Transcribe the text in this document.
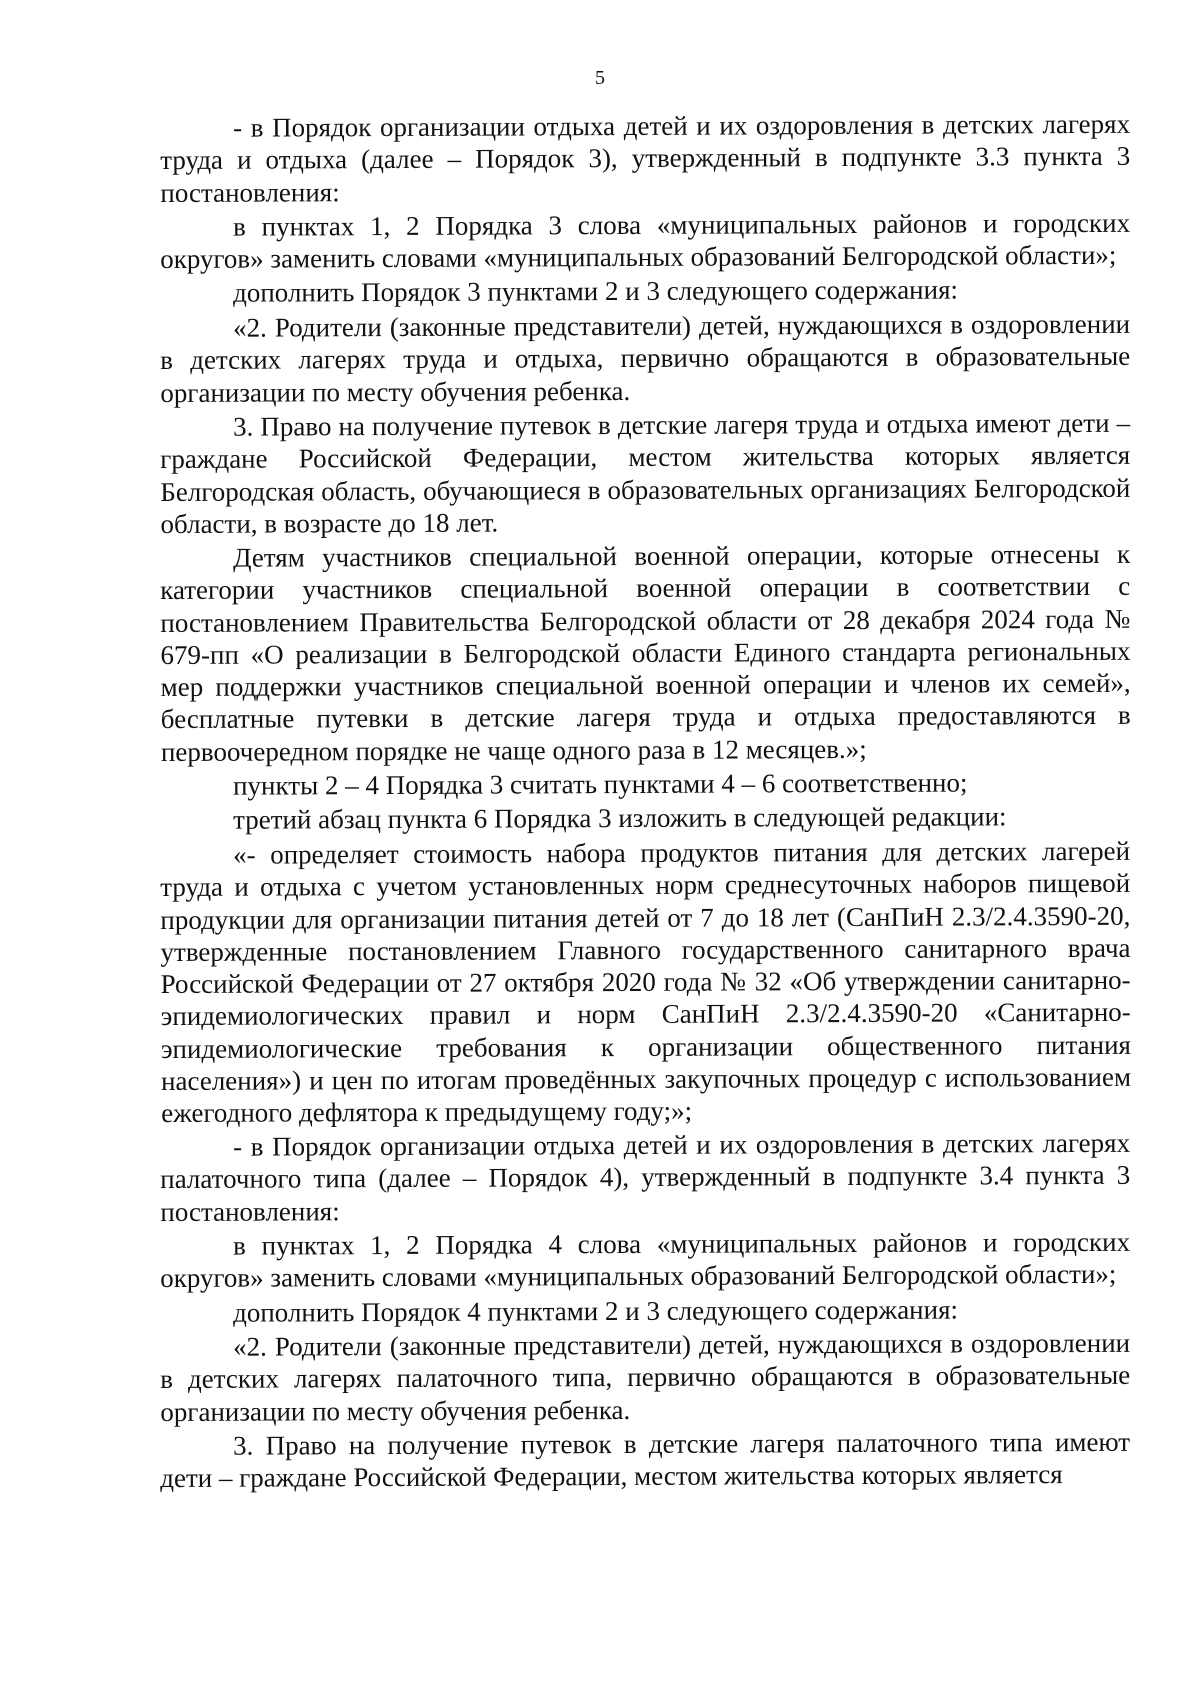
5

- в Порядок организации отдыха детей и их оздоровления в детских лагерях труда и отдыха (далее – Порядок 3), утвержденный в подпункте 3.3 пункта 3 постановления:

в пунктах 1, 2 Порядка 3 слова «муниципальных районов и городских округов» заменить словами «муниципальных образований Белгородской области»;

дополнить Порядок 3 пунктами 2 и 3 следующего содержания:

«2. Родители (законные представители) детей, нуждающихся в оздоровлении в детских лагерях труда и отдыха, первично обращаются в образовательные организации по месту обучения ребенка.

3. Право на получение путевок в детские лагеря труда и отдыха имеют дети – граждане Российской Федерации, местом жительства которых является Белгородская область, обучающиеся в образовательных организациях Белгородской области, в возрасте до 18 лет.

Детям участников специальной военной операции, которые отнесены к категории участников специальной военной операции в соответствии с постановлением Правительства Белгородской области от 28 декабря 2024 года № 679-пп «О реализации в Белгородской области Единого стандарта региональных мер поддержки участников специальной военной операции и членов их семей», бесплатные путевки в детские лагеря труда и отдыха предоставляются в первоочередном порядке не чаще одного раза в 12 месяцев.»;

пункты 2 – 4 Порядка 3 считать пунктами 4 – 6 соответственно;

третий абзац пункта 6 Порядка 3 изложить в следующей редакции:

«- определяет стоимость набора продуктов питания для детских лагерей труда и отдыха с учетом установленных норм среднесуточных наборов пищевой продукции для организации питания детей от 7 до 18 лет (СанПиН 2.3/2.4.3590-20, утвержденные постановлением Главного государственного санитарного врача Российской Федерации от 27 октября 2020 года № 32 «Об утверждении санитарно-эпидемиологических правил и норм СанПиН 2.3/2.4.3590-20 «Санитарно-эпидемиологические требования к организации общественного питания населения») и цен по итогам проведённых закупочных процедур с использованием ежегодного дефлятора к предыдущему году;»;

- в Порядок организации отдыха детей и их оздоровления в детских лагерях палаточного типа (далее – Порядок 4), утвержденный в подпункте 3.4 пункта 3 постановления:

в пунктах 1, 2 Порядка 4 слова «муниципальных районов и городских округов» заменить словами «муниципальных образований Белгородской области»;

дополнить Порядок 4 пунктами 2 и 3 следующего содержания:

«2. Родители (законные представители) детей, нуждающихся в оздоровлении в детских лагерях палаточного типа, первично обращаются в образовательные организации по месту обучения ребенка.

3. Право на получение путевок в детские лагеря палаточного типа имеют дети – граждане Российской Федерации, местом жительства которых является
